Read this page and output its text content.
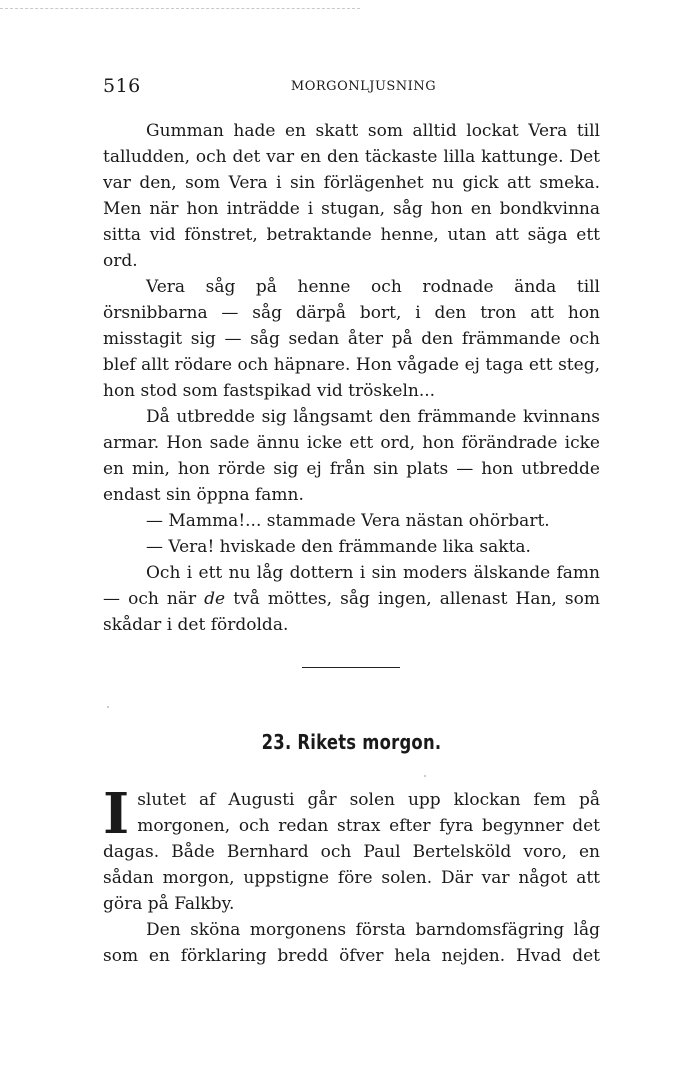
516	MORGONLJUSNING

Gumman hade en skatt som alltid lockat Vera till talludden, och det var en den täckaste lilla kattunge. Det var den, som Vera i sin förlägenhet nu gick att smeka. Men när hon inträdde i stugan, såg hon en bondkvinna sitta vid fönstret, betraktande henne, utan att säga ett ord.

Vera såg på henne och rodnade ända till örsnibbarna — såg därpå bort, i den tron att hon misstagit sig — såg sedan åter på den främmande och blef allt rödare och häpnare. Hon vågade ej taga ett steg, hon stod som fastspikad vid tröskeln...

Då utbredde sig långsamt den främmande kvinnans armar. Hon sade ännu icke ett ord, hon förändrade icke en min, hon rörde sig ej från sin plats — hon utbredde endast sin öppna famn.

— Mamma!... stammade Vera nästan ohörbart.

— Vera! hviskade den främmande lika sakta.

Och i ett nu låg dottern i sin moders älskande famn — och när de två möttes, såg ingen, allenast Han, som skådar i det fördolda.

23. Rikets morgon.

Islutet af Augusti går solen upp klockan fem på morgonen, och redan strax efter fyra begynner det dagas. Både Bernhard och Paul Bertelsköld voro, en sådan morgon, uppstigne före solen. Där var något att göra på Falkby.

Den sköna morgonens första barndomsfägring låg som en förklaring bredd öfver hela nejden. Hvad det
